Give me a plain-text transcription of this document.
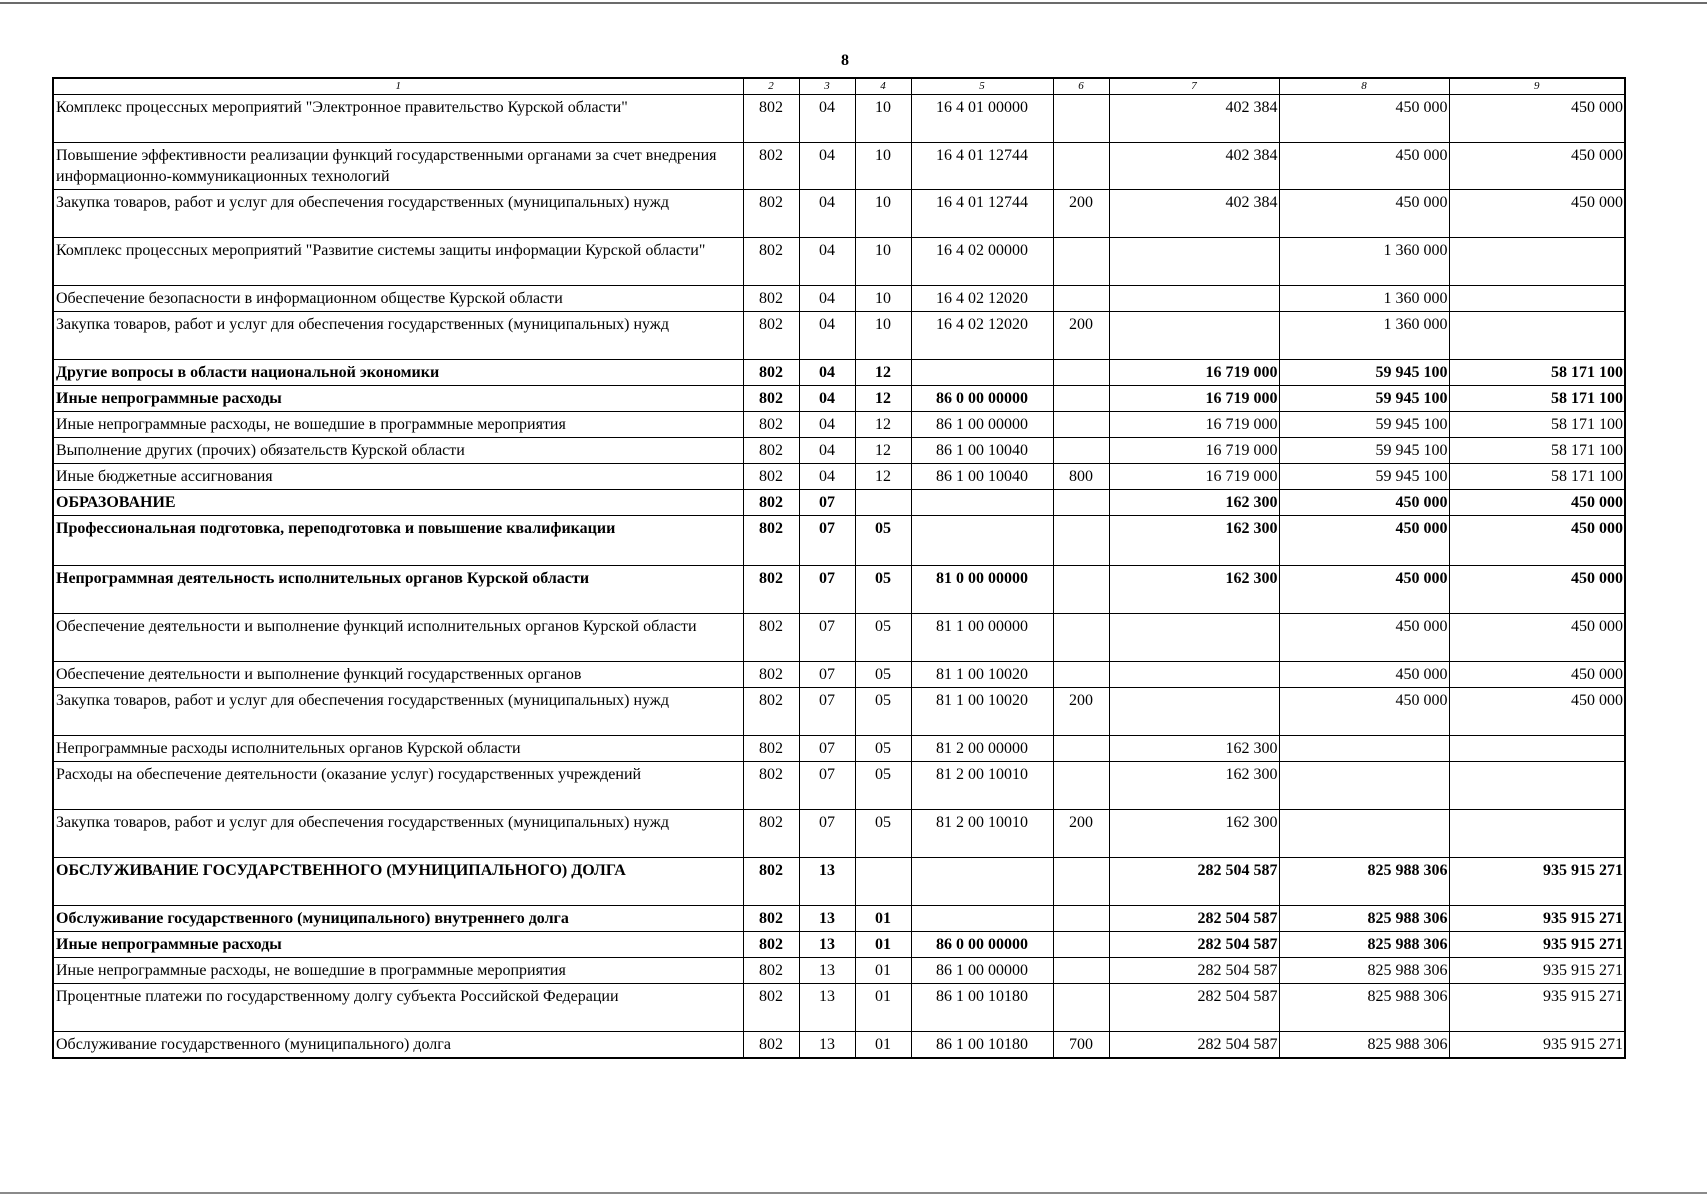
8
1	2	3	4	5	6	7	8	9
Комплекс процессных мероприятий "Электронное правительство Курской области"	802	04	10	16 4 01 00000		402 384	450 000	450 000
Повышение эффективности реализации функций государственными органами за счет внедрения информационно-коммуникационных технологий	802	04	10	16 4 01 12744		402 384	450 000	450 000
Закупка товаров, работ и услуг для обеспечения государственных (муниципальных) нужд	802	04	10	16 4 01 12744	200	402 384	450 000	450 000
Комплекс процессных мероприятий "Развитие системы защиты информации Курской области"	802	04	10	16 4 02 00000			1 360 000	
Обеспечение безопасности в информационном обществе Курской области	802	04	10	16 4 02 12020			1 360 000	
Закупка товаров, работ и услуг для обеспечения государственных (муниципальных) нужд	802	04	10	16 4 02 12020	200		1 360 000	
Другие вопросы в области национальной экономики	802	04	12			16 719 000	59 945 100	58 171 100
Иные непрограммные расходы	802	04	12	86 0 00 00000		16 719 000	59 945 100	58 171 100
Иные непрограммные расходы, не вошедшие в программные мероприятия	802	04	12	86 1 00 00000		16 719 000	59 945 100	58 171 100
Выполнение других (прочих) обязательств Курской области	802	04	12	86 1 00 10040		16 719 000	59 945 100	58 171 100
Иные бюджетные ассигнования	802	04	12	86 1 00 10040	800	16 719 000	59 945 100	58 171 100
ОБРАЗОВАНИЕ	802	07				162 300	450 000	450 000
Профессиональная подготовка, переподготовка и повышение квалификации	802	07	05			162 300	450 000	450 000
Непрограммная деятельность исполнительных органов Курской области	802	07	05	81 0 00 00000		162 300	450 000	450 000
Обеспечение деятельности и выполнение функций исполнительных органов Курской области	802	07	05	81 1 00 00000			450 000	450 000
Обеспечение деятельности и выполнение функций государственных органов	802	07	05	81 1 00 10020			450 000	450 000
Закупка товаров, работ и услуг для обеспечения государственных (муниципальных) нужд	802	07	05	81 1 00 10020	200		450 000	450 000
Непрограммные расходы исполнительных органов Курской области	802	07	05	81 2 00 00000		162 300		
Расходы на обеспечение деятельности (оказание услуг) государственных учреждений	802	07	05	81 2 00 10010		162 300		
Закупка товаров, работ и услуг для обеспечения государственных (муниципальных) нужд	802	07	05	81 2 00 10010	200	162 300		
ОБСЛУЖИВАНИЕ ГОСУДАРСТВЕННОГО (МУНИЦИПАЛЬНОГО) ДОЛГА	802	13				282 504 587	825 988 306	935 915 271
Обслуживание государственного (муниципального) внутреннего долга	802	13	01			282 504 587	825 988 306	935 915 271
Иные непрограммные расходы	802	13	01	86 0 00 00000		282 504 587	825 988 306	935 915 271
Иные непрограммные расходы, не вошедшие в программные мероприятия	802	13	01	86 1 00 00000		282 504 587	825 988 306	935 915 271
Процентные платежи по государственному долгу субъекта Российской Федерации	802	13	01	86 1 00 10180		282 504 587	825 988 306	935 915 271
Обслуживание государственного (муниципального) долга	802	13	01	86 1 00 10180	700	282 504 587	825 988 306	935 915 271
